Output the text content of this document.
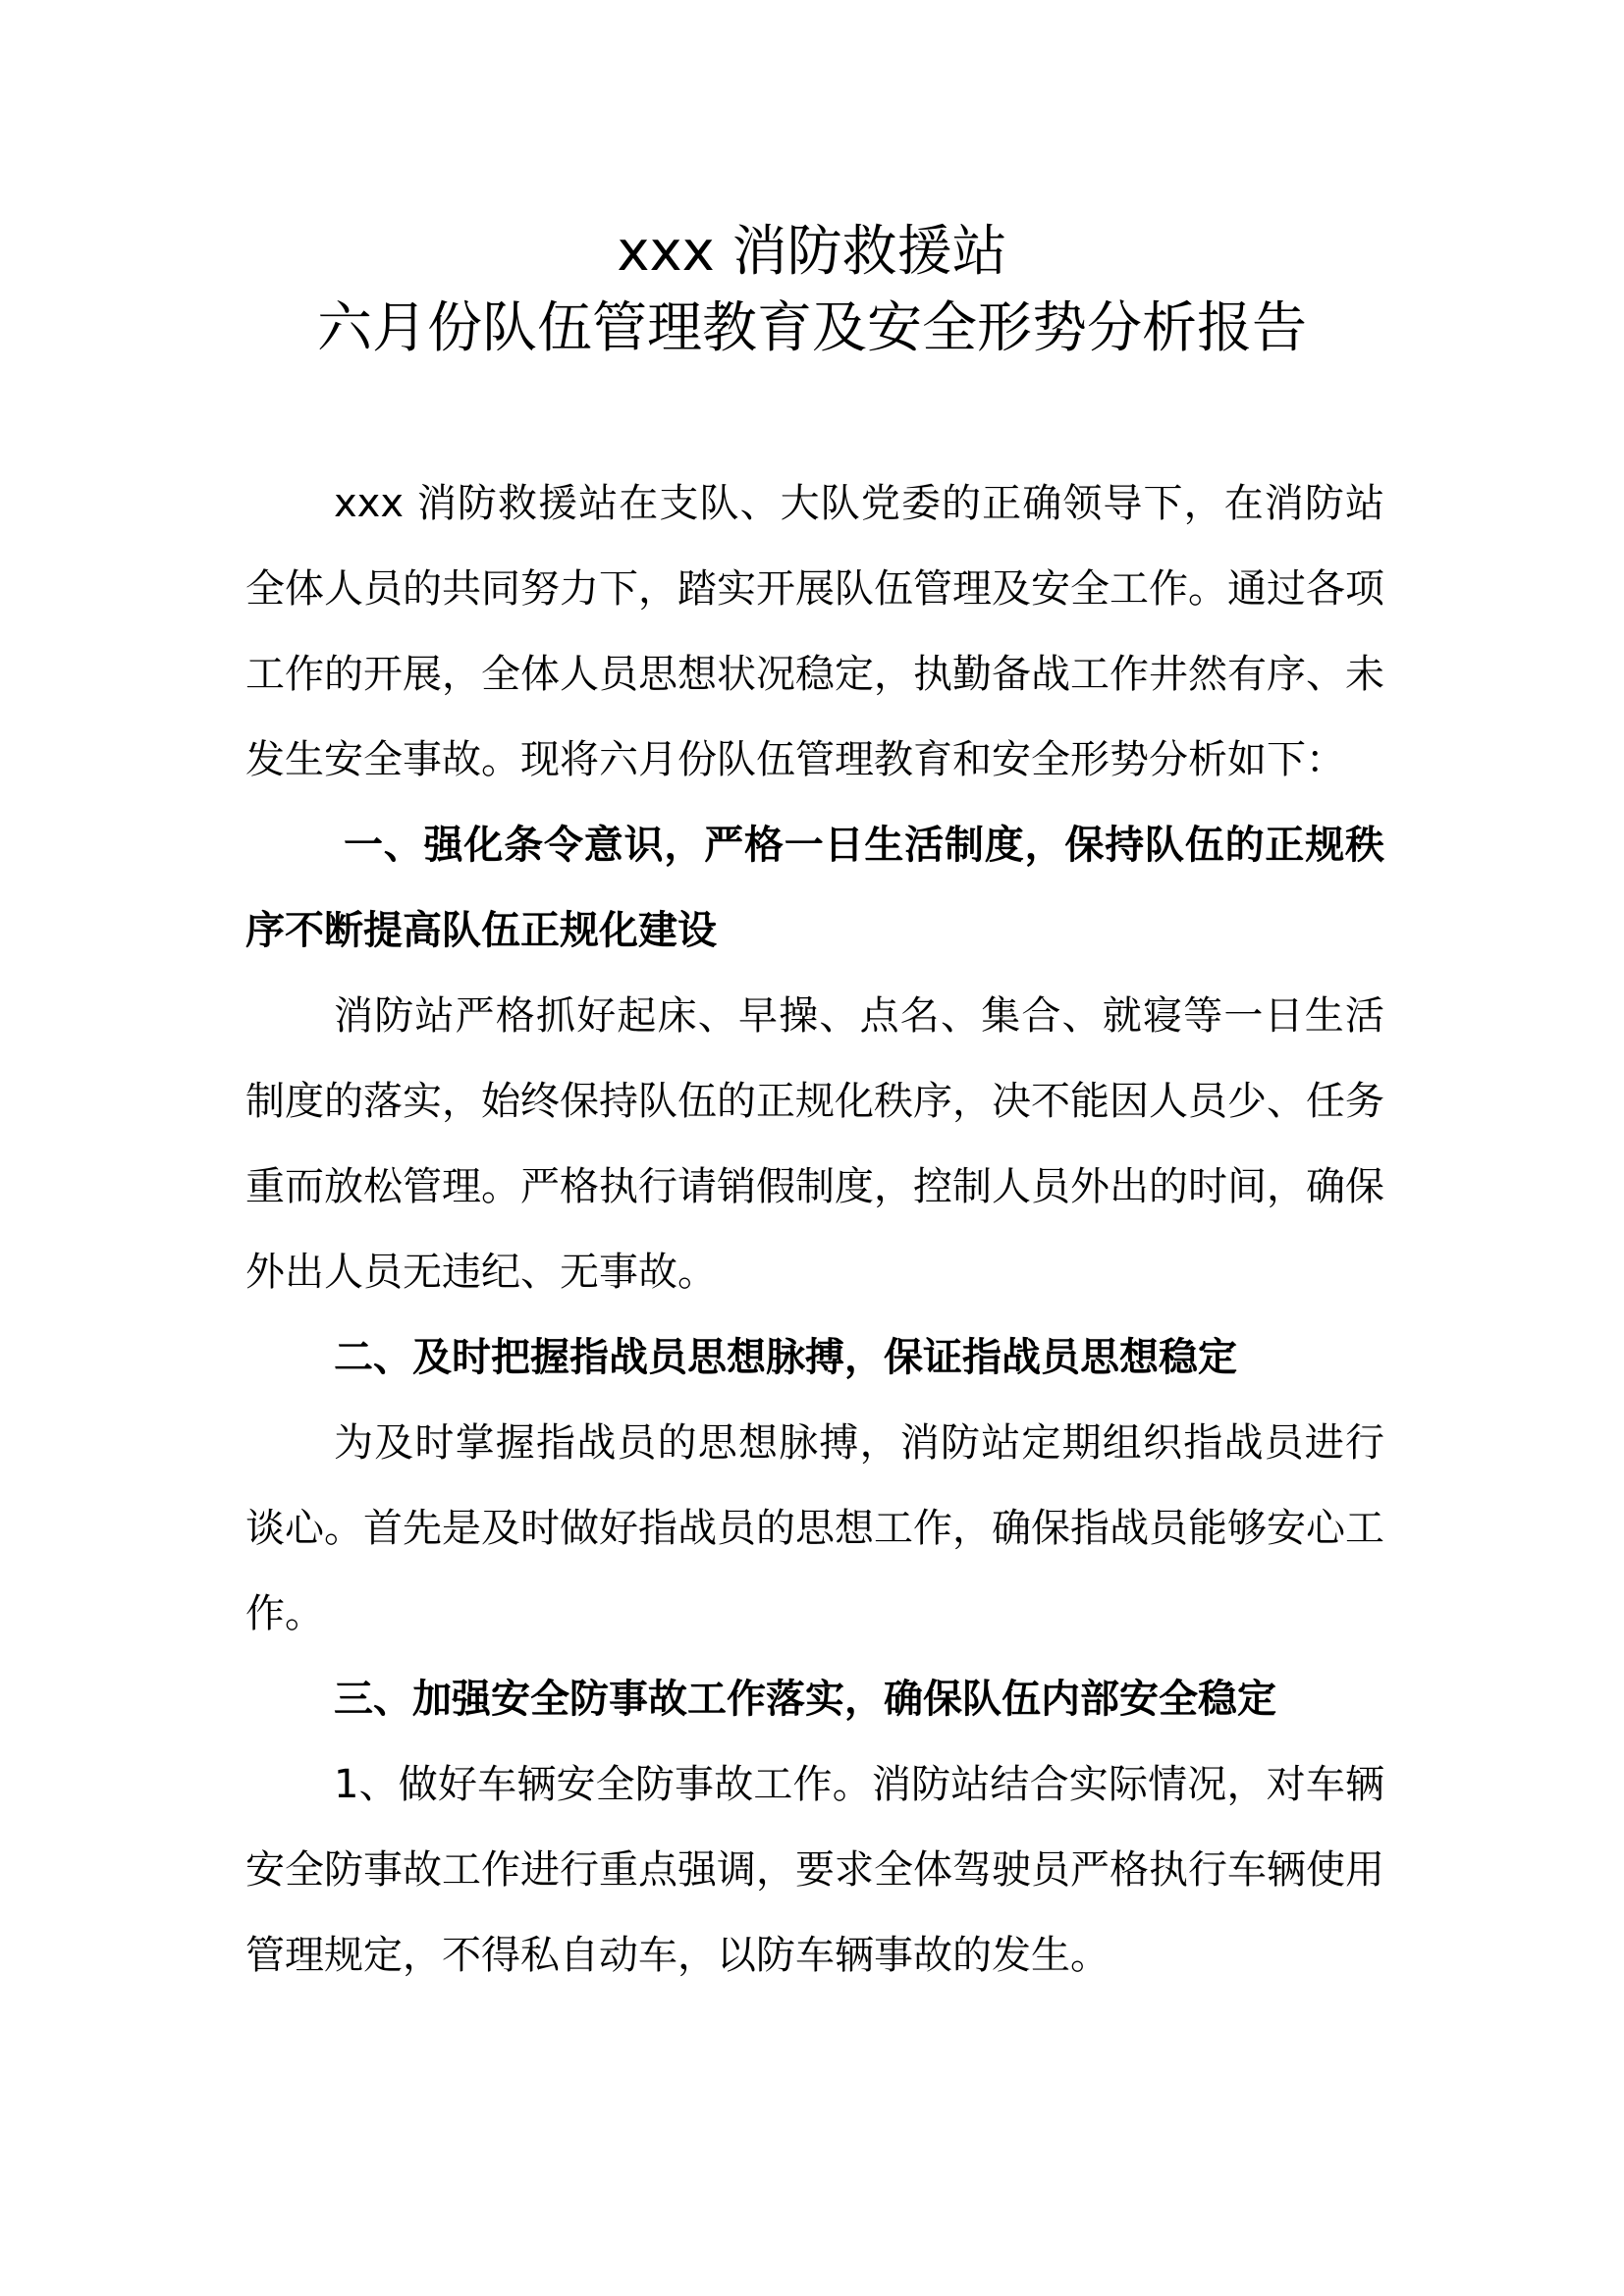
xxx 消防救援站
六月份队伍管理教育及安全形势分析报告

xxx 消防救援站在支队、大队党委的正确领导下，在消防站全体人员的共同努力下，踏实开展队伍管理及安全工作。通过各项工作的开展，全体人员思想状况稳定，执勤备战工作井然有序、未发生安全事故。现将六月份队伍管理教育和安全形势分析如下：

一、强化条令意识，严格一日生活制度，保持队伍的正规秩序不断提高队伍正规化建设

消防站严格抓好起床、早操、点名、集合、就寝等一日生活制度的落实，始终保持队伍的正规化秩序，决不能因人员少、任务重而放松管理。严格执行请销假制度，控制人员外出的时间，确保外出人员无违纪、无事故。

二、及时把握指战员思想脉搏，保证指战员思想稳定

为及时掌握指战员的思想脉搏，消防站定期组织指战员进行谈心。首先是及时做好指战员的思想工作，确保指战员能够安心工作。

三、加强安全防事故工作落实，确保队伍内部安全稳定

1、做好车辆安全防事故工作。消防站结合实际情况，对车辆安全防事故工作进行重点强调，要求全体驾驶员严格执行车辆使用管理规定，不得私自动车，以防车辆事故的发生。
